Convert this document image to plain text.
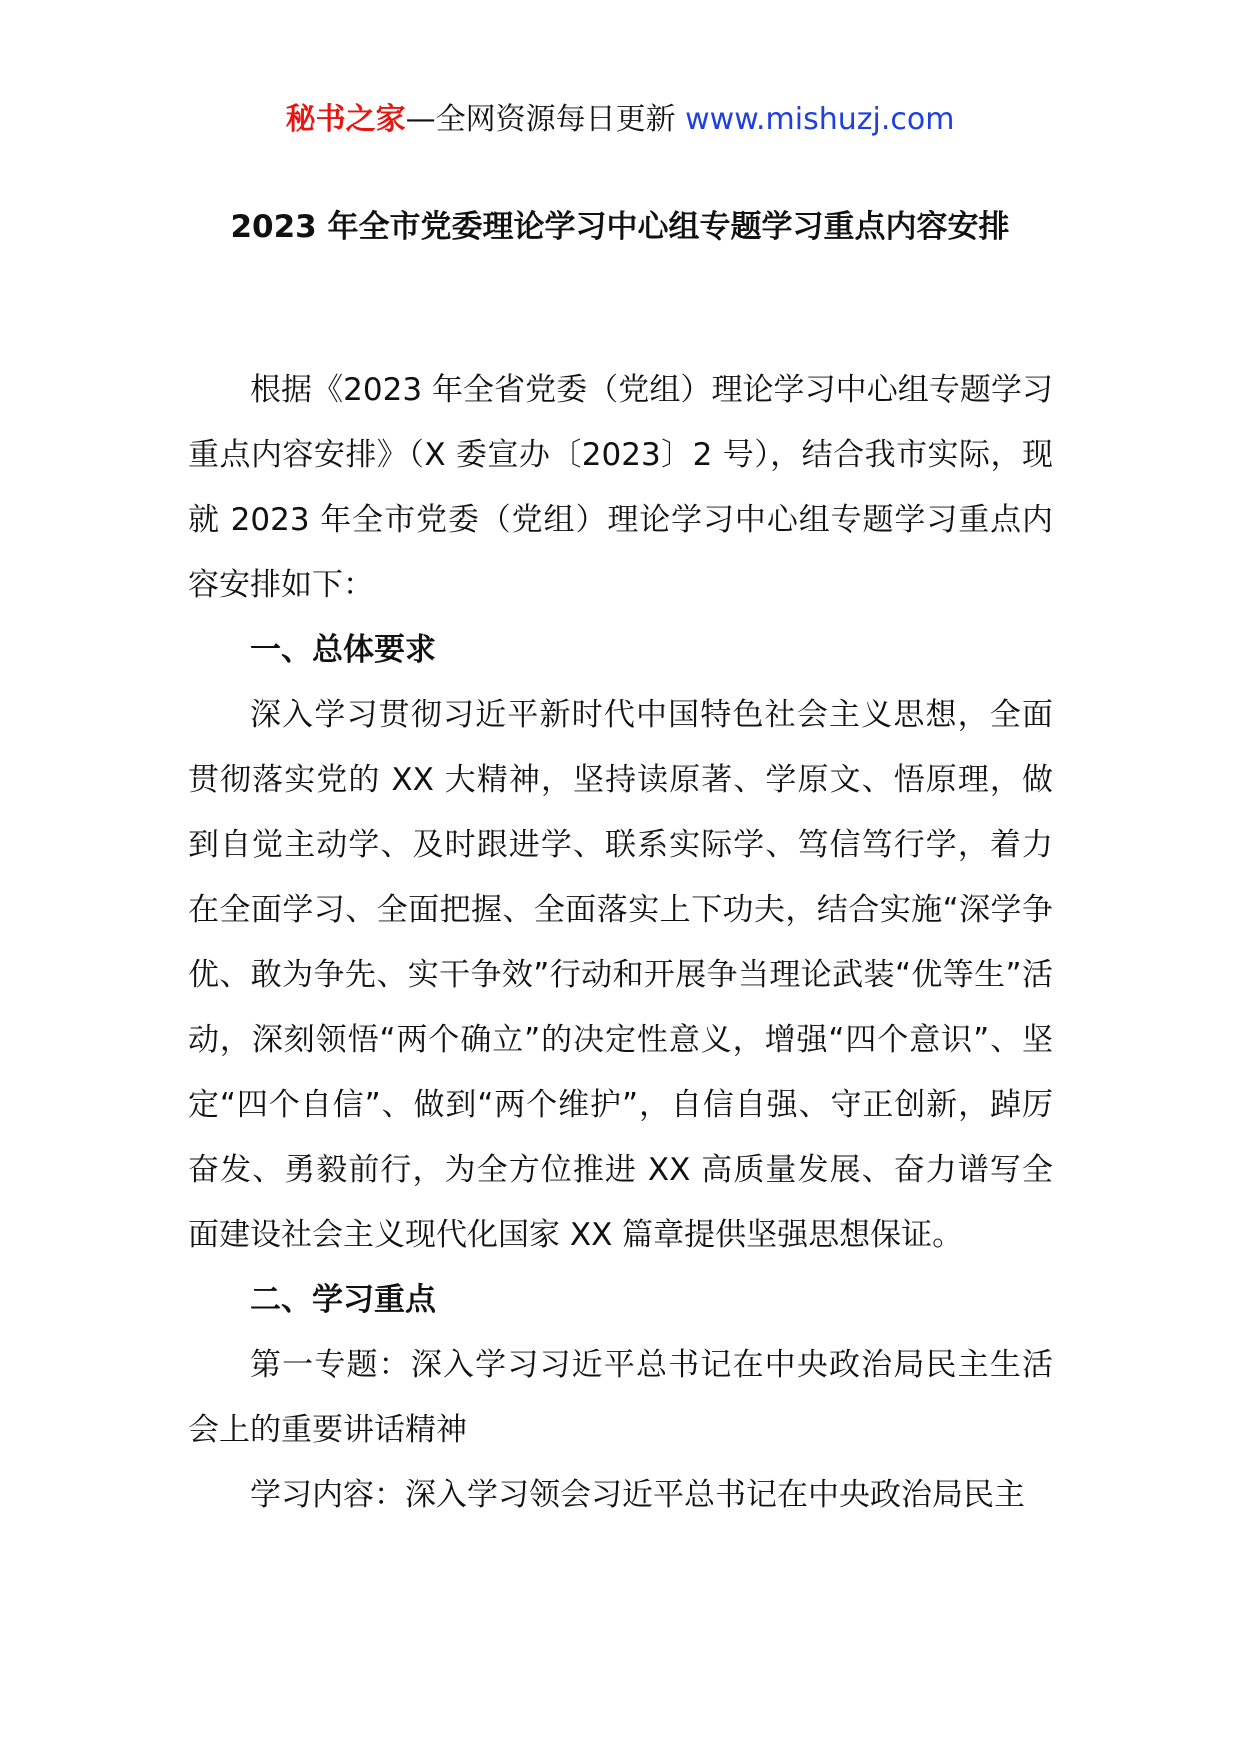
秘书之家—全网资源每日更新 www.mishuzj.com
2023 年全市党委理论学习中心组专题学习重点内容安排

根据《2023 年全省党委（党组）理论学习中心组专题学习重点内容安排》（X 委宣办〔2023〕2 号），结合我市实际，现就 2023 年全市党委（党组）理论学习中心组专题学习重点内容安排如下：

一、总体要求

深入学习贯彻习近平新时代中国特色社会主义思想，全面贯彻落实党的 XX 大精神，坚持读原著、学原文、悟原理，做到自觉主动学、及时跟进学、联系实际学、笃信笃行学，着力在全面学习、全面把握、全面落实上下功夫，结合实施“深学争优、敢为争先、实干争效”行动和开展争当理论武装“优等生”活动，深刻领悟“两个确立”的决定性意义，增强“四个意识”、坚定“四个自信”、做到“两个维护”，自信自强、守正创新，踔厉奋发、勇毅前行，为全方位推进 XX 高质量发展、奋力谱写全面建设社会主义现代化国家 XX 篇章提供坚强思想保证。

二、学习重点

第一专题：深入学习习近平总书记在中央政治局民主生活会上的重要讲话精神

学习内容：深入学习领会习近平总书记在中央政治局民主
